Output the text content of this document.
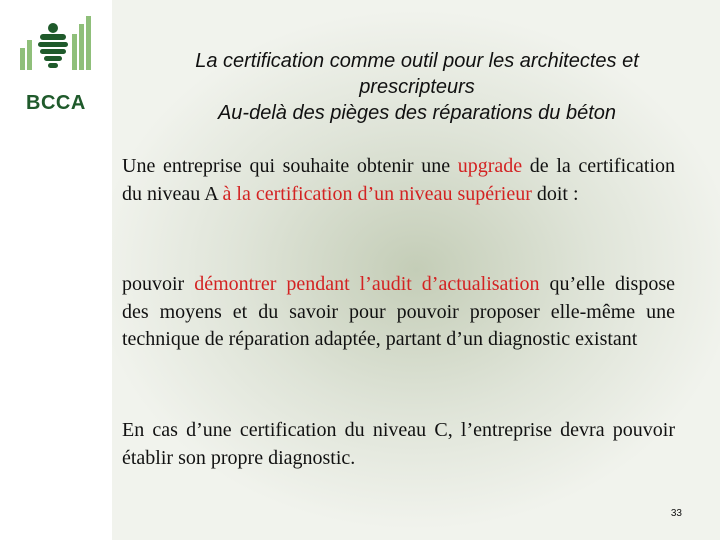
BCCA
La certification comme outil pour les architectes et
prescripteurs
Au-delà des pièges des réparations du béton
Une entreprise qui souhaite obtenir une upgrade de la certification du niveau A à la certification d’un niveau supérieur doit :
pouvoir démontrer pendant l’audit d’actualisation qu’elle dispose des moyens et du savoir pour pouvoir proposer elle-même une technique de réparation adaptée, partant d’un diagnostic existant
En cas d’une certification du niveau C, l’entreprise devra pouvoir établir son propre diagnostic.
33
